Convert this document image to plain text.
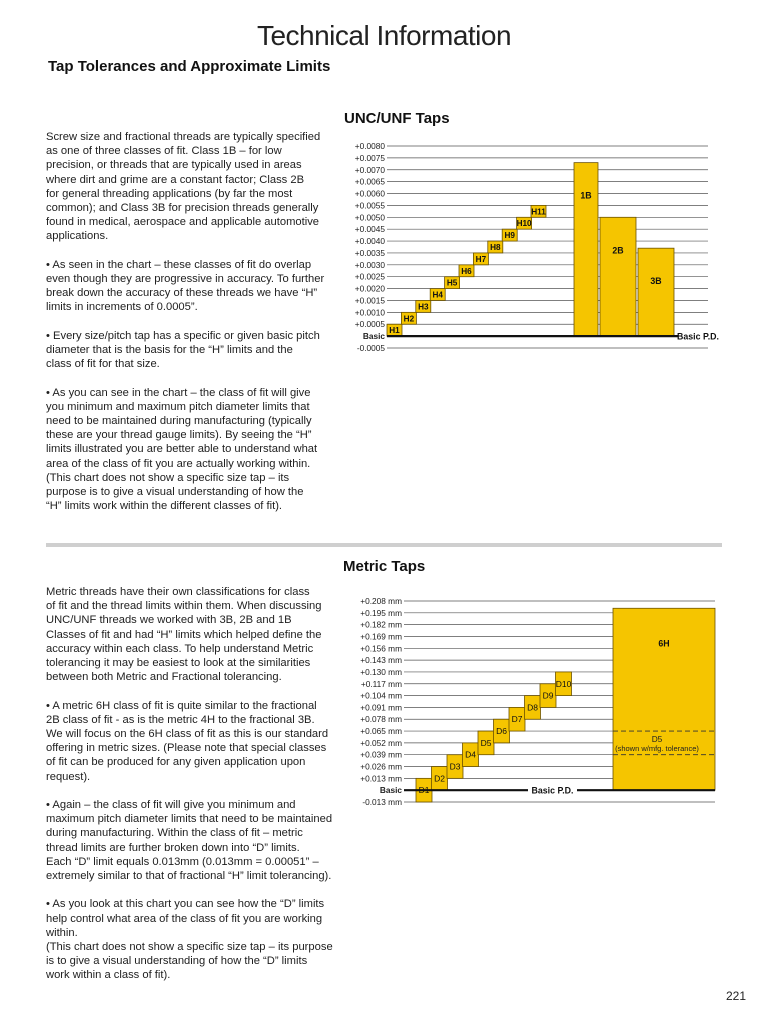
Technical Information
Tap Tolerances and Approximate Limits
UNC/UNF Taps

Screw size and fractional threads are typically specified
as one of three classes of fit. Class 1B – for low
precision, or threads that are typically used in areas
where dirt and grime are a constant factor; Class 2B
for general threading applications (by far the most
common); and Class 3B for precision threads generally
found in medical, aerospace and applicable automotive
applications.

• As seen in the chart – these classes of fit do overlap
even though they are progressive in accuracy. To further
break down the accuracy of these threads we have “H”
limits in increments of 0.0005”.

• Every size/pitch tap has a specific or given basic pitch
diameter that is the basis for the “H” limits and the
class of fit for that size.

• As you can see in the chart – the class of fit will give
you minimum and maximum pitch diameter limits that
need to be maintained during manufacturing (typically
these are your thread gauge limits). By seeing the “H”
limits illustrated you are better able to understand what
area of the class of fit you are actually working within.
(This chart does not show a specific size tap – its
purpose is to give a visual understanding of how the
“H” limits work within the different classes of fit).

+0.0080
+0.0075
+0.0070
+0.0065
+0.0060
+0.0055
+0.0050
+0.0045
+0.0040
+0.0035
+0.0030
+0.0025
+0.0020
+0.0015
+0.0010
+0.0005
Basic
-0.0005
1B
2B
3B
H1
H2
H3
H4
H5
H6
H7
H8
H9
H10
H11
Basic P.D.
Metric Taps

Metric threads have their own classifications for class
of fit and the thread limits within them. When discussing
UNC/UNF threads we worked with 3B, 2B and 1B
Classes of fit and had “H” limits which helped define the
accuracy within each class. To help understand Metric
tolerancing it may be easiest to look at the similarities
between both Metric and Fractional tolerancing.

• A metric 6H class of fit is quite similar to the fractional
2B class of fit - as is the metric 4H to the fractional 3B.
We will focus on the 6H class of fit as this is our standard
offering in metric sizes. (Please note that special classes
of fit can be produced for any given application upon
request).

• Again – the class of fit will give you minimum and
maximum pitch diameter limits that need to be maintained
during manufacturing. Within the class of fit – metric
thread limits are further broken down into “D” limits.
Each “D” limit equals 0.013mm (0.013mm = 0.00051” –
extremely similar to that of fractional “H” limit tolerancing).

• As you look at this chart you can see how the “D” limits
help control what area of the class of fit you are working
within.
(This chart does not show a specific size tap – its purpose
is to give a visual understanding of how the “D” limits
work within a class of fit).

+0.208 mm
+0.195 mm
+0.182 mm
+0.169 mm
+0.156 mm
+0.143 mm
+0.130 mm
+0.117 mm
+0.104 mm
+0.091 mm
+0.078 mm
+0.065 mm
+0.052 mm
+0.039 mm
+0.026 mm
+0.013 mm
Basic
-0.013 mm
6H
D5
(shown w/mfg. tolerance)
D1
D2
D3
D4
D5
D6
D7
D8
D9
D10
Basic P.D.
221
